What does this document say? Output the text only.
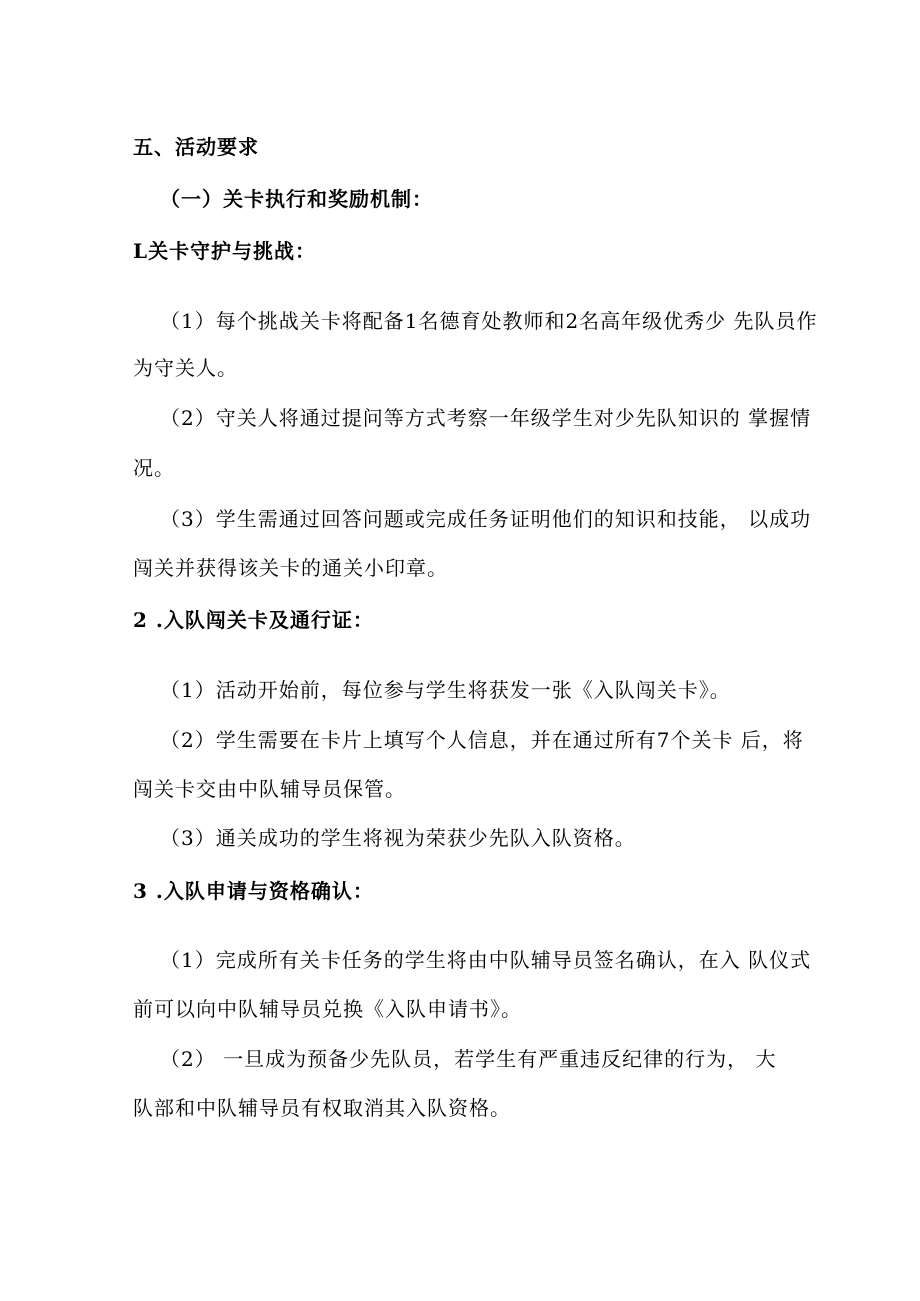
五、活动要求
（一）关卡执行和奖励机制：
L关卡守护与挑战：
（1）每个挑战关卡将配备1名德育处教师和2名高年级优秀少 先队员作
为守关人。
（2）守关人将通过提问等方式考察一年级学生对少先队知识的 掌握情
况。
（3）学生需通过回答问题或完成任务证明他们的知识和技能， 以成功
闯关并获得该关卡的通关小印章。
2 .入队闯关卡及通行证：
（1）活动开始前，每位参与学生将获发一张《入队闯关卡》。
（2）学生需要在卡片上填写个人信息，并在通过所有7个关卡 后，将
闯关卡交由中队辅导员保管。
（3）通关成功的学生将视为荣获少先队入队资格。
3 .入队申请与资格确认：
（1）完成所有关卡任务的学生将由中队辅导员签名确认，在入 队仪式
前可以向中队辅导员兑换《入队申请书》。
（2） 一旦成为预备少先队员，若学生有严重违反纪律的行为， 大
队部和中队辅导员有权取消其入队资格。
